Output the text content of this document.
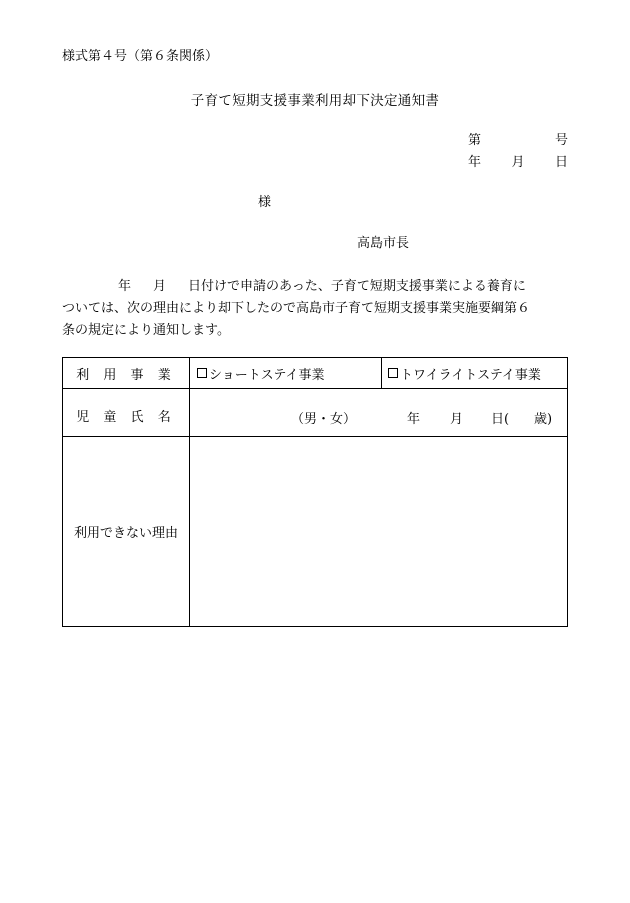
様式第４号（第６条関係）
子育て短期支援事業利用却下決定通知書
第	号
年 月 日
様
高島市長
年 月 日付けで申請のあった、子育て短期支援事業による養育に
ついては、次の理由により却下したので高島市子育て短期支援事業実施要綱第６
条の規定により通知します。
利 用 事 業	ショートステイ事業	トワイライトステイ事業
児 童 氏 名	（男・女）	年 月 日( 歳)
利用できない理由
